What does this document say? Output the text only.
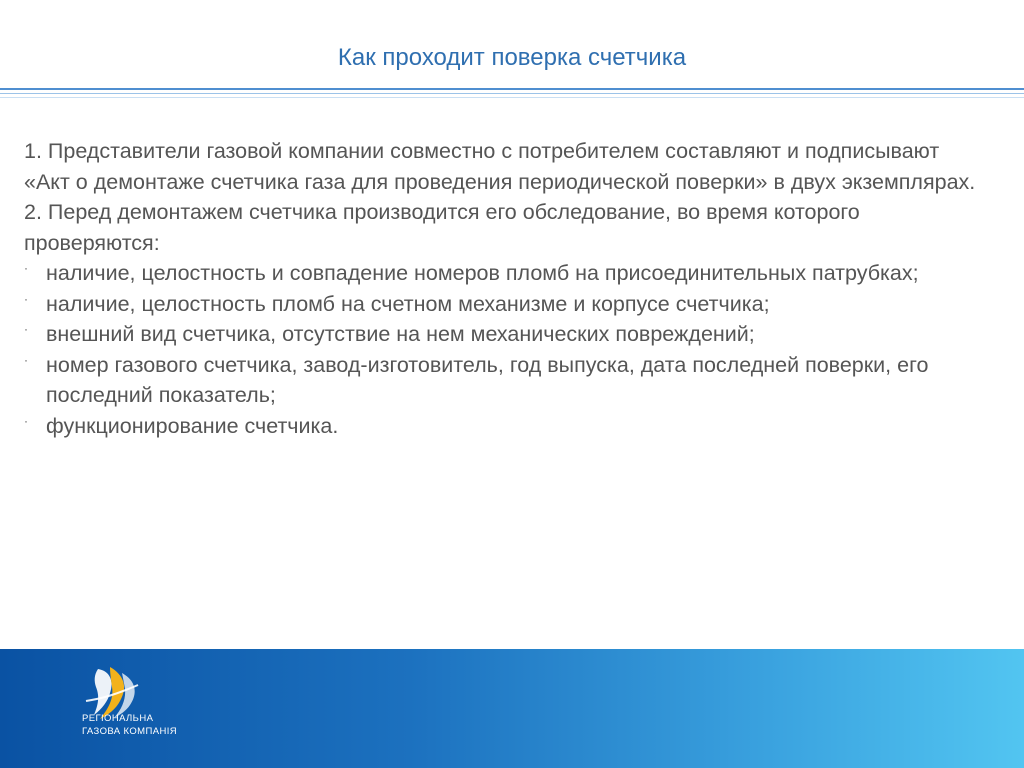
Как проходит поверка счетчика

1. Представители газовой компании совместно с потребителем составляют и подписывают «Акт о демонтаже счетчика газа для проведения периодической поверки» в двух экземплярах.

2. Перед демонтажем счетчика производится его обследование, во время которого проверяются:

· наличие, целостность и совпадение номеров пломб на присоединительных патрубках;
· наличие, целостность пломб на счетном механизме и корпусе счетчика;
· внешний вид счетчика, отсутствие на нем механических повреждений;
· номер газового счетчика, завод-изготовитель, год выпуска, дата последней поверки, его последний показатель;
· функционирование счетчика.
РЕГІОНАЛЬНА
ГАЗОВА КОМПАНІЯ
